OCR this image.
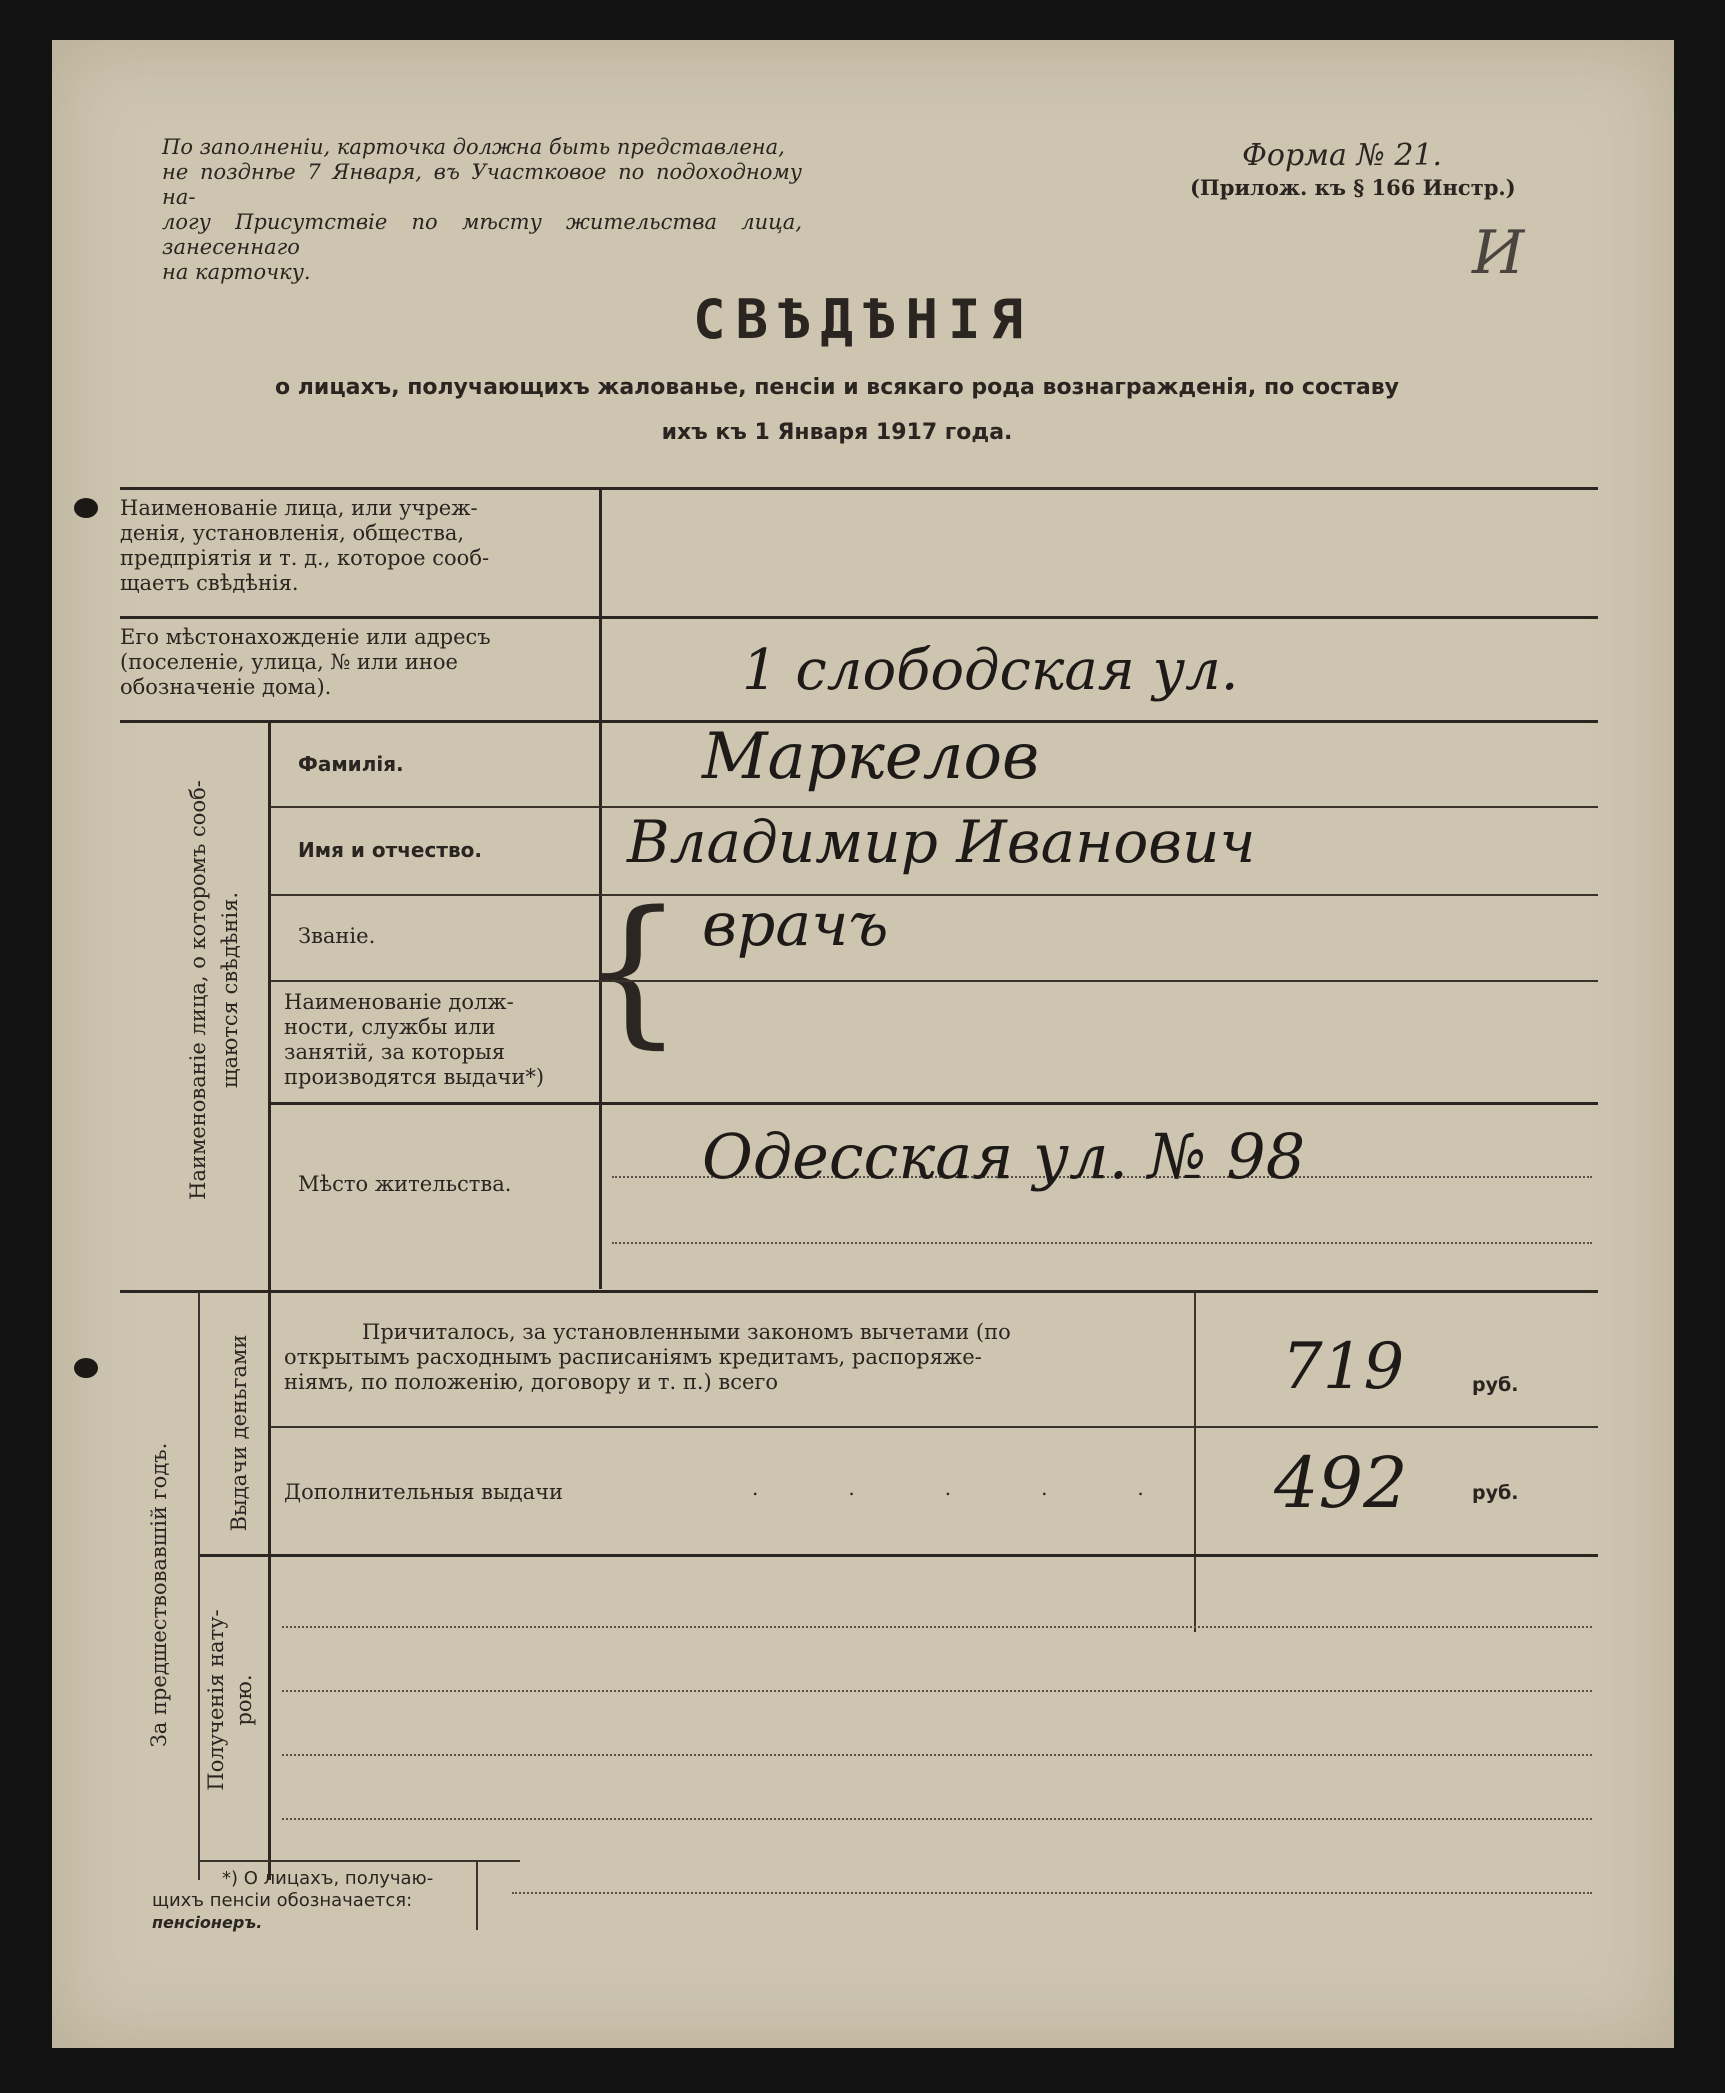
По заполненіи, карточка должна быть представлена,
не позднѣе 7 Января, въ Участковое по подоходному на-
логу Присутствіе по мѣсту жительства лица, занесеннаго
на карточку.
Форма № 21.
(Прилож. къ § 166 Инстр.)
И
СВѢДѢНІЯ
о лицахъ, получающихъ жалованье, пенсіи и всякаго рода вознагражденія, по составу
ихъ къ 1 Января 1917 года.
Наименованіе лица, или учреж-
денія, установленія, общества,
предпріятія и т. д., которое сооб-
щаетъ свѣдѣнія.
Его мѣстонахожденіе или адресъ
(поселеніе, улица, № или иное
обозначеніе дома).	1 слободская ул.
Наименованіе лица, о которомъ сооб- щаются свѣдѣнія.
Фамилія.	Маркелов
Имя и отчество.	Владимир Иванович
Званіе.	врачъ
{
Наименованіе долж-
ности, службы или
занятій, за которыя
производятся выдачи*)
Мѣсто жительства.	Одесская ул. № 98
За предшествовавшій годъ.
Выдачи деньгами
Причиталось, за установленными закономъ вычетами (по
открытымъ расходнымъ расписаніямъ кредитамъ, распоряже-
ніямъ, по положенію, договору и т. п.) всего	719	руб.
Дополнительныя выдачи	..... 492	руб.
Полученія нату- рою.
*) О лицахъ, получаю-
щихъ пенсіи обозначается:
пенсіонеръ.
